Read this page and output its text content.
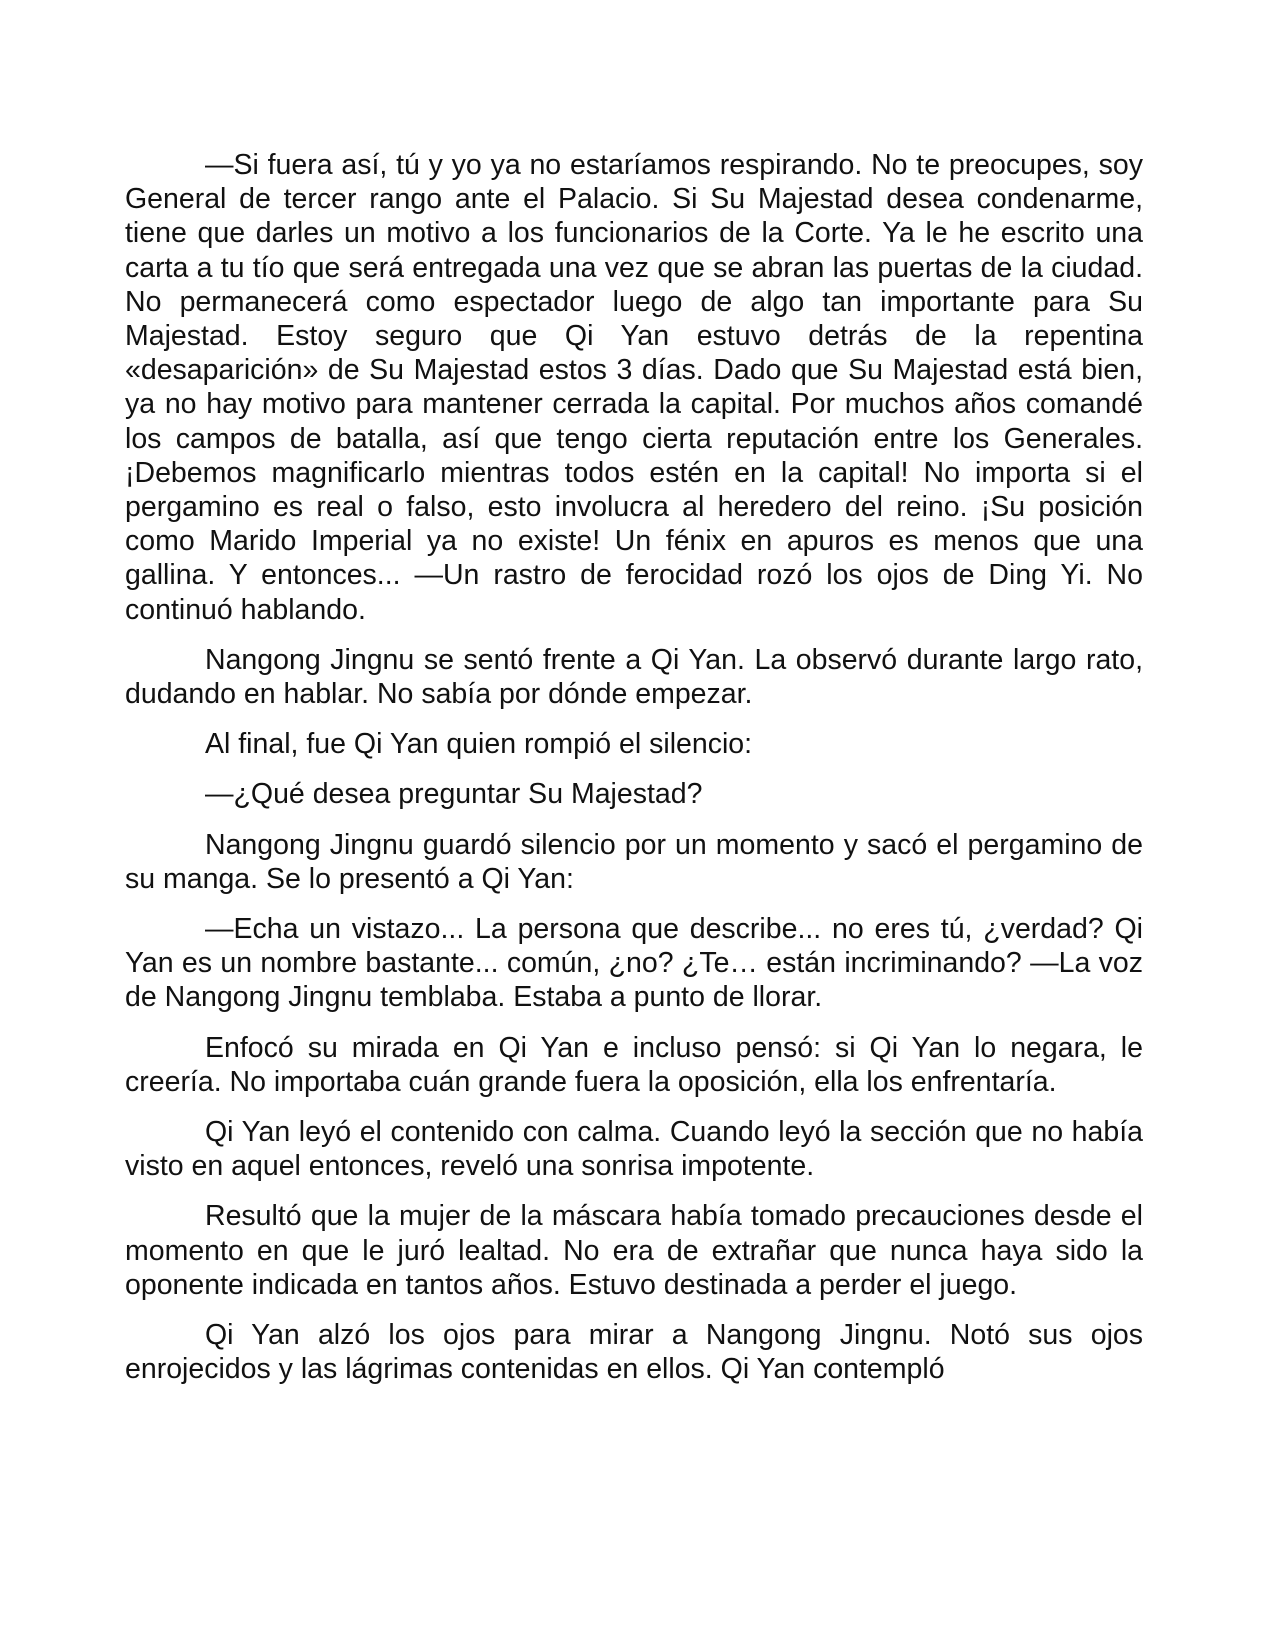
—Si fuera así, tú y yo ya no estaríamos respirando. No te preocupes, soy General de tercer rango ante el Palacio. Si Su Majestad desea condenarme, tiene que darles un motivo a los funcionarios de la Corte. Ya le he escrito una carta a tu tío que será entregada una vez que se abran las puertas de la ciudad. No permanecerá como espectador luego de algo tan importante para Su Majestad. Estoy seguro que Qi Yan estuvo detrás de la repentina «desaparición» de Su Majestad estos 3 días. Dado que Su Majestad está bien, ya no hay motivo para mantener cerrada la capital. Por muchos años comandé los campos de batalla, así que tengo cierta reputación entre los Generales. ¡Debemos magnificarlo mientras todos estén en la capital! No importa si el pergamino es real o falso, esto involucra al heredero del reino. ¡Su posición como Marido Imperial ya no existe! Un fénix en apuros es menos que una gallina. Y entonces... —Un rastro de ferocidad rozó los ojos de Ding Yi. No continuó hablando.

Nangong Jingnu se sentó frente a Qi Yan. La observó durante largo rato, dudando en hablar. No sabía por dónde empezar.

Al final, fue Qi Yan quien rompió el silencio:

—¿Qué desea preguntar Su Majestad?

Nangong Jingnu guardó silencio por un momento y sacó el pergamino de su manga. Se lo presentó a Qi Yan:

—Echa un vistazo... La persona que describe... no eres tú, ¿verdad? Qi Yan es un nombre bastante... común, ¿no? ¿Te… están incriminando? —La voz de Nangong Jingnu temblaba. Estaba a punto de llorar.

Enfocó su mirada en Qi Yan e incluso pensó: si Qi Yan lo negara, le creería. No importaba cuán grande fuera la oposición, ella los enfrentaría.

Qi Yan leyó el contenido con calma. Cuando leyó la sección que no había visto en aquel entonces, reveló una sonrisa impotente.

Resultó que la mujer de la máscara había tomado precauciones desde el momento en que le juró lealtad. No era de extrañar que nunca haya sido la oponente indicada en tantos años. Estuvo destinada a perder el juego.

Qi Yan alzó los ojos para mirar a Nangong Jingnu. Notó sus ojos enrojecidos y las lágrimas contenidas en ellos. Qi Yan contempló
